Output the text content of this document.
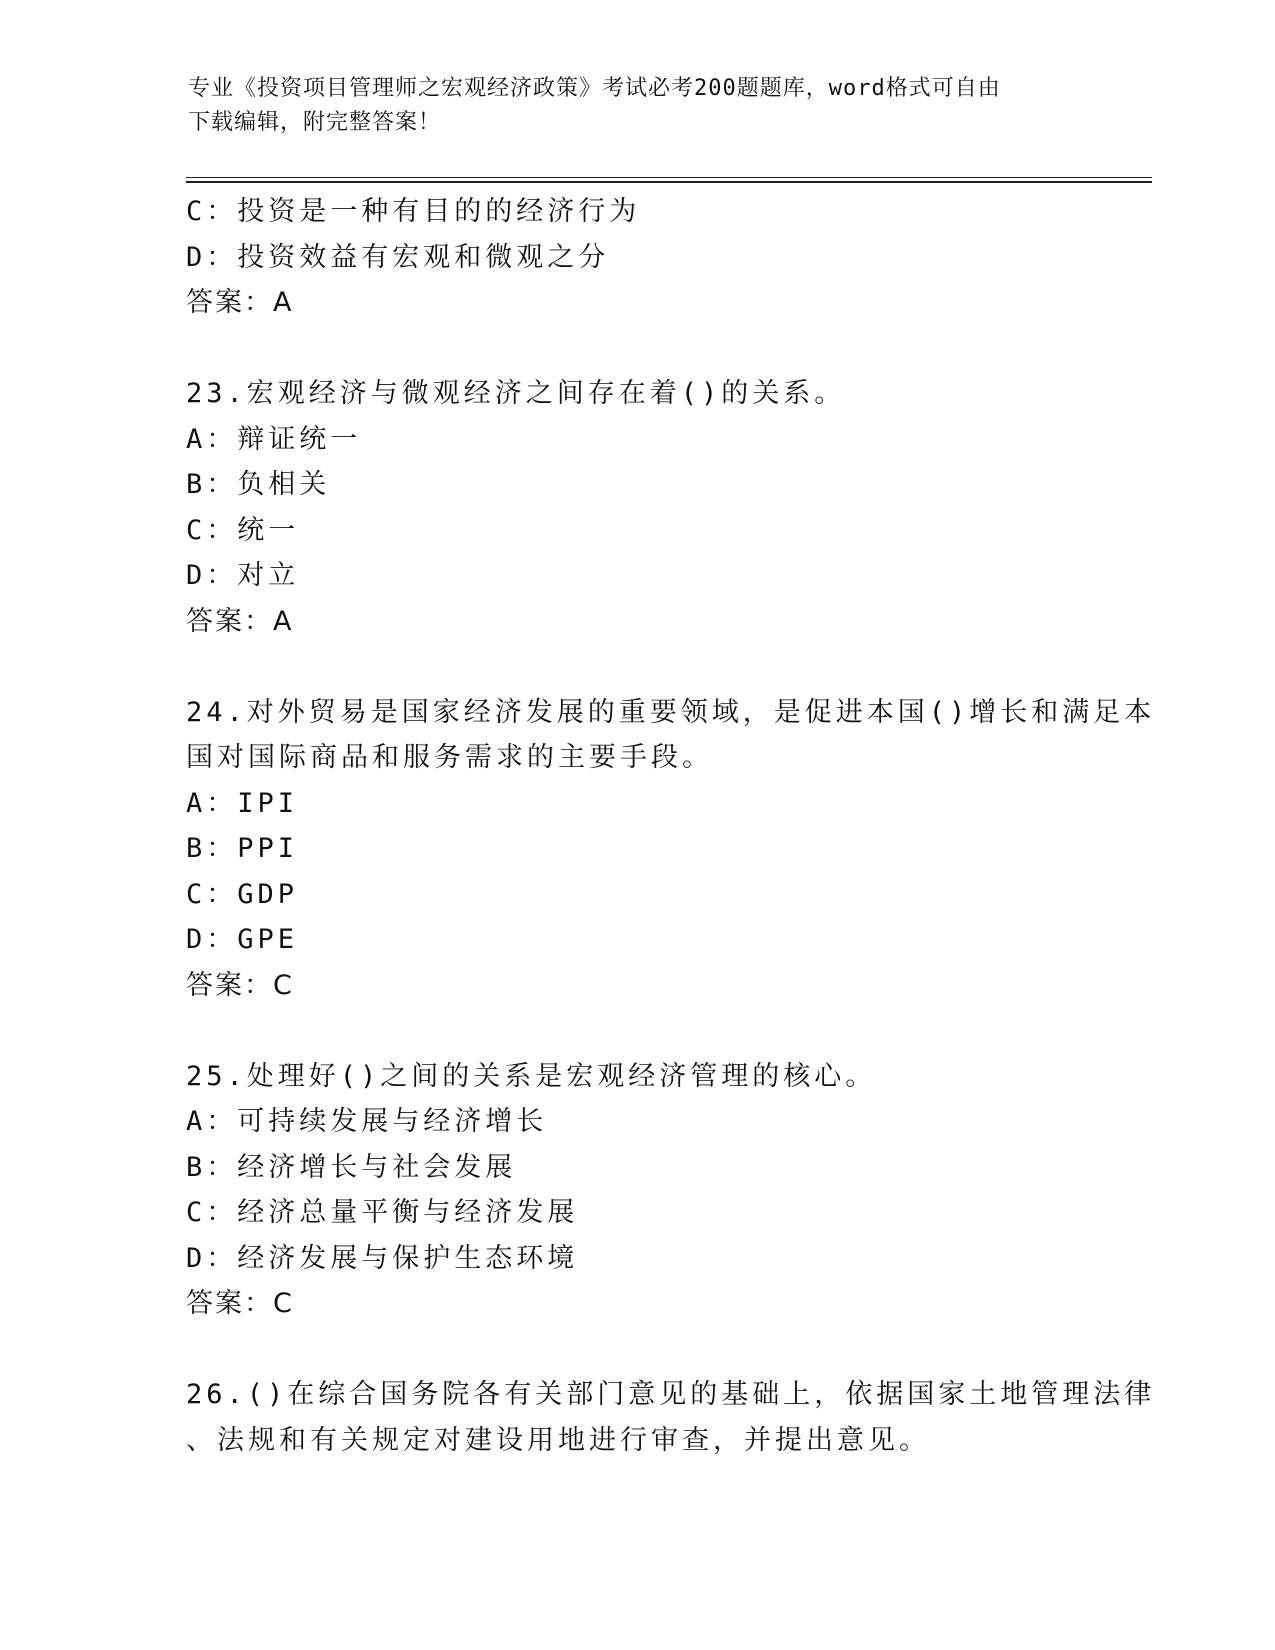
专业《投资项目管理师之宏观经济政策》考试必考200题题库，word格式可自由
下载编辑，附完整答案！
C：投资是一种有目的的经济行为
D：投资效益有宏观和微观之分
答案：A
23.宏观经济与微观经济之间存在着()的关系。
A：辩证统一
B：负相关
C：统一
D：对立
答案：A
24.对外贸易是国家经济发展的重要领域，是促进本国()增长和满足本
国对国际商品和服务需求的主要手段。
A：IPI
B：PPI
C：GDP
D：GPE
答案：C
25.处理好()之间的关系是宏观经济管理的核心。
A：可持续发展与经济增长
B：经济增长与社会发展
C：经济总量平衡与经济发展
D：经济发展与保护生态环境
答案：C
26.()在综合国务院各有关部门意见的基础上，依据国家土地管理法律
、法规和有关规定对建设用地进行审查，并提出意见。
